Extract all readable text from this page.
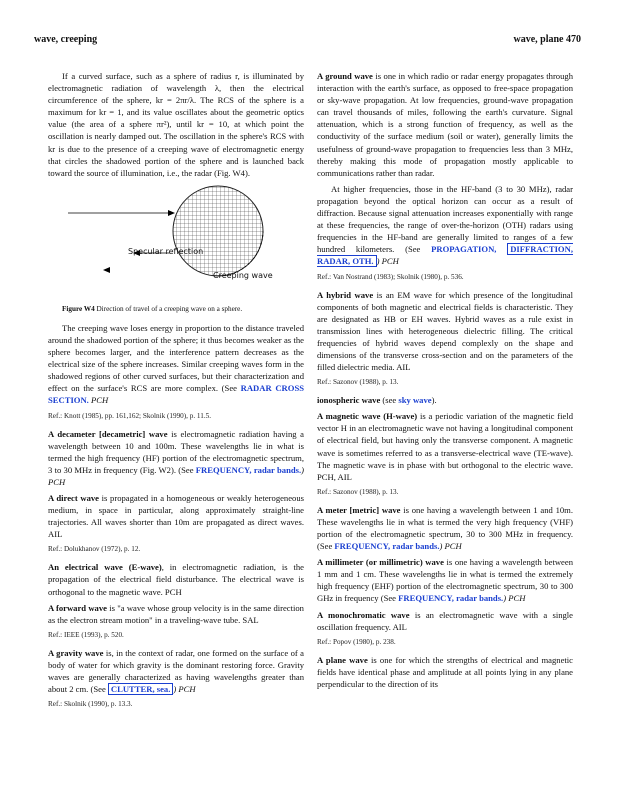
wave, creeping	wave, plane 470

If a curved surface, such as a sphere of radius r, is illuminated by electromagnetic radiation of wavelength λ, then the electrical circumference of the sphere, kr = 2πr/λ. The RCS of the sphere is a maximum for kr = 1, and its value oscillates about the geometric optics value (the area of a sphere πr²), until kr = 10, at which point the oscillation is nearly damped out. The oscillation in the sphere's RCS with kr is due to the presence of a creeping wave of electromagnetic energy that circles the shadowed portion of the sphere and is launched back toward the source of illumination, i.e., the radar (Fig. W4).

Specular reflection
Creeping wave
Figure W4 Direction of travel of a creeping wave on a sphere.

The creeping wave loses energy in proportion to the distance traveled around the shadowed portion of the sphere; it thus becomes weaker as the sphere becomes larger, and the interference pattern decreases as the electrical size of the sphere increases. Similar creeping waves form in the shadowed regions of other curved surfaces, but their characterization and effect on the surface's RCS are more complex. (See RADAR CROSS SECTION. PCH

Ref.: Knott (1985), pp. 161,162; Skolnik (1990), p. 11.5.

A decameter [decametric] wave is electromagnetic radiation having a wavelength between 10 and 100m. These wavelengths lie in what is termed the high frequency (HF) portion of the electromagnetic spectrum, 3 to 30 MHz in frequency (Fig. W2). (See FREQUENCY, radar bands.) PCH

A direct wave is propagated in a homogeneous or weakly heterogeneous medium, in space in particular, along approximately straight-line trajectories. All waves shorter than 10m are propagated as direct waves. AIL

Ref.: Dolukhanov (1972), p. 12.

An electrical wave (E-wave), in electromagnetic radiation, is the propagation of the electrical field disturbance. The electrical wave is orthogonal to the magnetic wave. PCH

A forward wave is "a wave whose group velocity is in the same direction as the electron stream motion" in a traveling-wave tube. SAL

Ref.: IEEE (1993), p. 520.

A gravity wave is, in the context of radar, one formed on the surface of a body of water for which gravity is the dominant restoring force. Gravity waves are generally characterized as having wavelengths greater than about 2 cm. (See CLUTTER, sea. ) PCH

Ref.: Skolnik (1990), p. 13.3.

A ground wave is one in which radio or radar energy propagates through interaction with the earth's surface, as opposed to free-space propagation or sky-wave propagation. At low frequencies, ground-wave propagation can travel thousands of miles, following the earth's curvature. Signal attenuation, which is a strong function of frequency, as well as the conductivity of the surface medium (soil or water), generally limits the usefulness of ground-wave propagation to frequencies less than 3 MHz, thereby making this mode of propagation mostly applicable to communications rather than radar.

At higher frequencies, those in the HF-band (3 to 30 MHz), radar propagation beyond the optical horizon can occur as a result of diffraction. Because signal attenuation increases exponentially with range at these frequencies, the range of over-the-horizon (OTH) radars using frequencies in the HF-band are generally limited to ranges of a few hundred kilometers. (See PROPAGATION, DIFFRACTION, RADAR, OTH. ) PCH

Ref.: Van Nostrand (1983); Skolnik (1980), p. 536.

A hybrid wave is an EM wave for which presence of the longitudinal components of both magnetic and electrical fields is characteristic. They are designated as HB or EH waves. Hybrid waves as a rule exist in transmission lines with heterogeneous dielectric filling. The critical frequencies of hybrid waves depend complexly on the shape and dimensions of the transverse cross-section and on the parameters of the filled dielectric media. AIL

Ref.: Sazonov (1988), p. 13.

ionospheric wave (see sky wave).

A magnetic wave (H-wave) is a periodic variation of the magnetic field vector H in an electromagnetic wave not having a longitudinal component of electrical field, but having only the transverse component. A magnetic wave is sometimes referred to as a transverse-electrical wave (TE-wave). The magnetic wave is in phase with but orthogonal to the electric wave. PCH, AIL

Ref.: Sazonov (1988), p. 13.

A meter [metric] wave is one having a wavelength between 1 and 10m. These wavelengths lie in what is termed the very high frequency (VHF) portion of the electromagnetic spectrum, 30 to 300 MHz in frequency. (See FREQUENCY, radar bands.) PCH

A millimeter (or millimetric) wave is one having a wavelength between 1 mm and 1 cm. These wavelengths lie in what is termed the extremely high frequency (EHF) portion of the electromagnetic spectrum, 30 to 300 GHz in frequency (See FREQUENCY, radar bands.) PCH

A monochromatic wave is an electromagnetic wave with a single oscillation frequency. AIL

Ref.: Popov (1980), p. 238.

A plane wave is one for which the strengths of electrical and magnetic fields have identical phase and amplitude at all points lying in any plane perpendicular to the direction of its
